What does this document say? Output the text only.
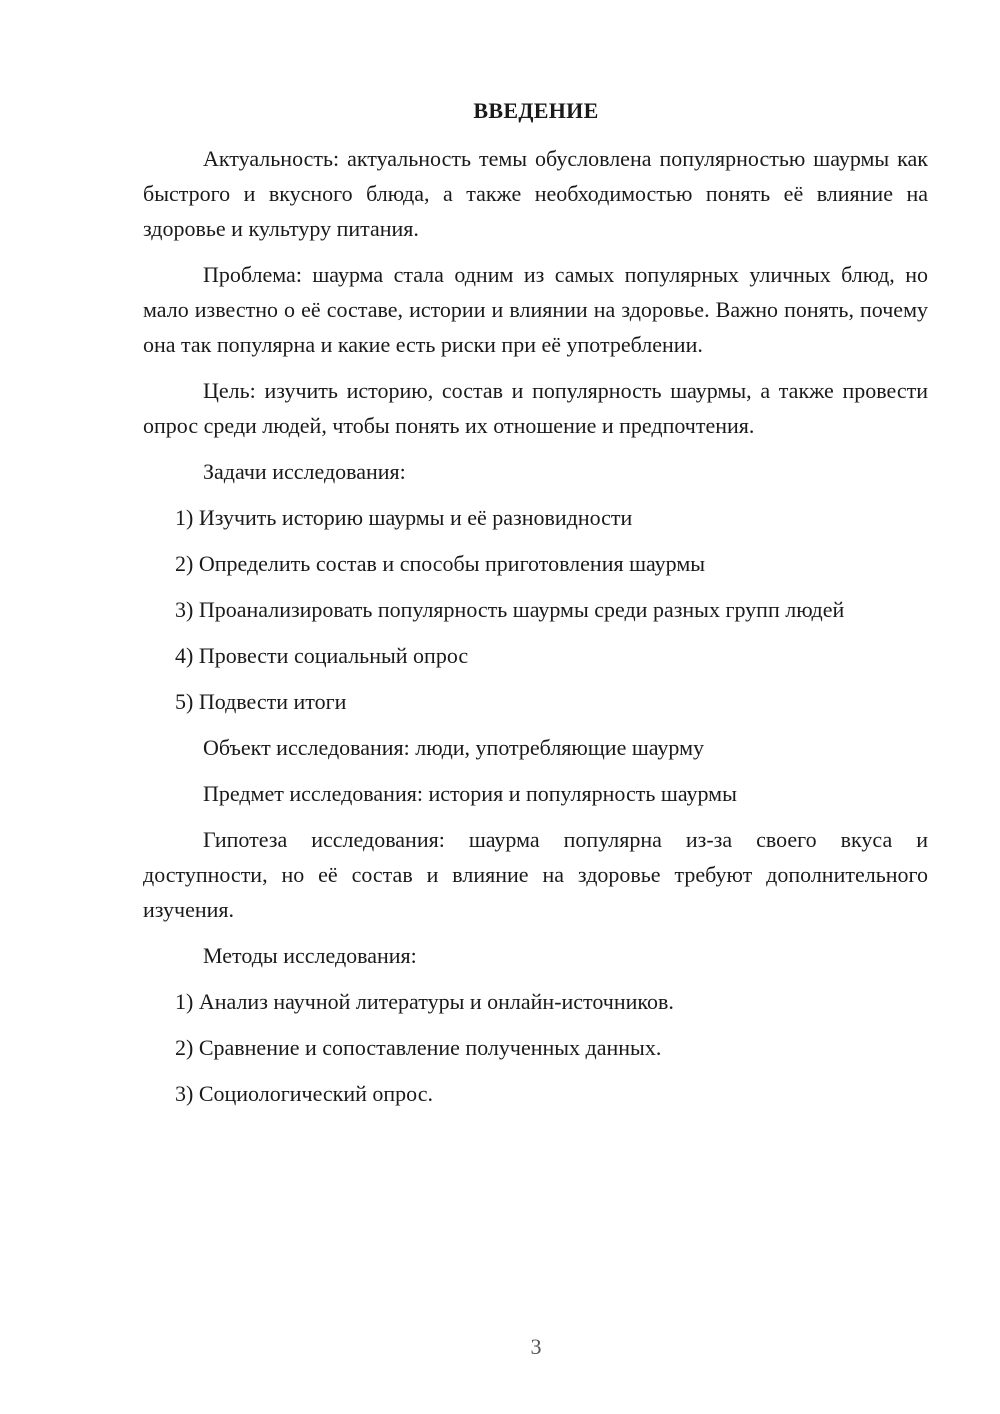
ВВЕДЕНИЕ

Актуальность: актуальность темы обусловлена популярностью шаурмы как быстрого и вкусного блюда, а также необходимостью понять её влияние на здоровье и культуру питания.

Проблема: шаурма стала одним из самых популярных уличных блюд, но мало известно о её составе, истории и влиянии на здоровье. Важно понять, почему она так популярна и какие есть риски при её употреблении.

Цель: изучить историю, состав и популярность шаурмы, а также провести опрос среди людей, чтобы понять их отношение и предпочтения.

Задачи исследования:

1) Изучить историю шаурмы и её разновидности

2) Определить состав и способы приготовления шаурмы

3) Проанализировать популярность шаурмы среди разных групп людей

4) Провести социальный опрос

5) Подвести итоги

Объект исследования: люди, употребляющие шаурму

Предмет исследования: история и популярность шаурмы

Гипотеза исследования: шаурма популярна из-за своего вкуса и доступности, но её состав и влияние на здоровье требуют дополнительного изучения.

Методы исследования:

1) Анализ научной литературы и онлайн-источников.

2) Сравнение и сопоставление полученных данных.

3) Социологический опрос.

3
